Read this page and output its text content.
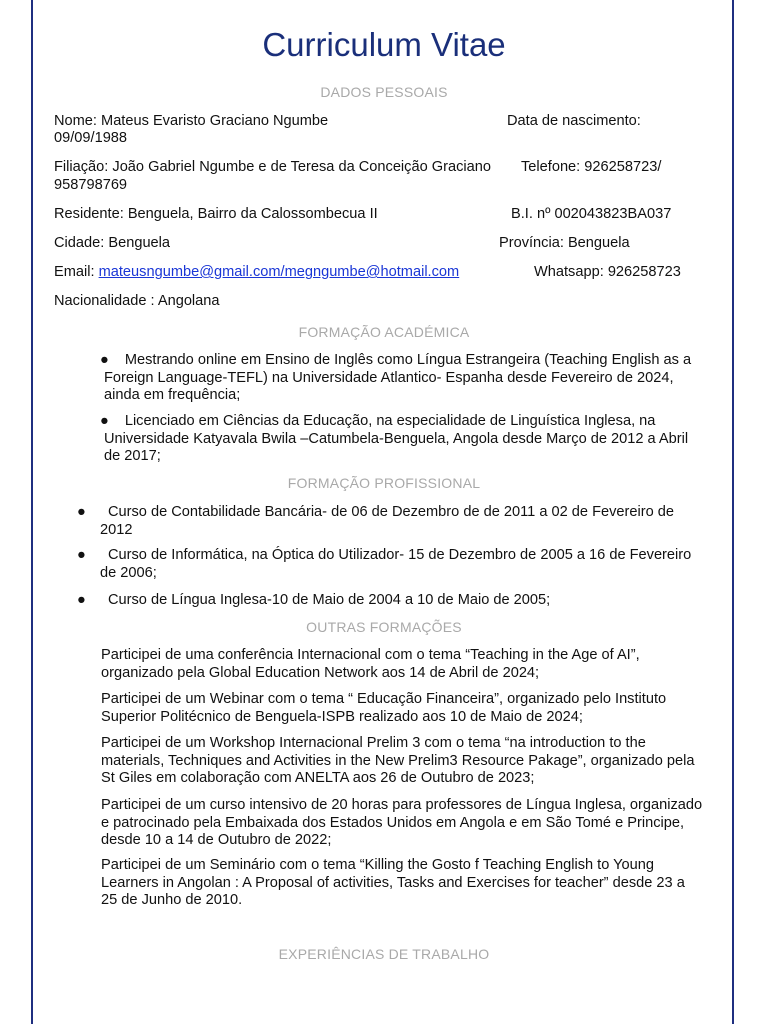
Curriculum Vitae
DADOS PESSOAIS
Nome: Mateus Evaristo Graciano Ngumbe	Data de nascimento:
09/09/1988
Filiação: João Gabriel Ngumbe e de Teresa da Conceição Graciano Telefone: 926258723/
958798769
Residente: Benguela, Bairro da Calossombecua II	B.I. nº 002043823BA037
Cidade: Benguela	Província: Benguela
Email: mateusngumbe@gmail.com/megngumbe@hotmail.com	Whatsapp: 926258723
Nacionalidade : Angolana
FORMAÇÃO ACADÉMICA
● Mestrando online em Ensino de Inglês como Língua Estrangeira (Teaching English as a Foreign Language-TEFL) na Universidade Atlantico- Espanha desde Fevereiro de 2024, ainda em frequência;
● Licenciado em Ciências da Educação, na especialidade de Linguística Inglesa, na Universidade Katyavala Bwila –Catumbela-Benguela, Angola desde Março de 2012 a Abril de 2017;
FORMAÇÃO PROFISSIONAL
● Curso de Contabilidade Bancária- de 06 de Dezembro de de 2011 a 02 de Fevereiro de 2012
● Curso de Informática, na Óptica do Utilizador- 15 de Dezembro de 2005 a 16 de Fevereiro de 2006;
● Curso de Língua Inglesa-10 de Maio de 2004 a 10 de Maio de 2005;
OUTRAS FORMAÇÕES
Participei de uma conferência Internacional com o tema “Teaching in the Age of AI”, organizado pela Global Education Network aos 14 de Abril de 2024;
Participei de um Webinar com o tema “ Educação Financeira”, organizado pelo Instituto Superior Politécnico de Benguela-ISPB realizado aos 10 de Maio de 2024;
Participei de um Workshop Internacional Prelim 3 com o tema “na introduction to the materials, Techniques and Activities in the New Prelim3 Resource Pakage”, organizado pela St Giles em colaboração com ANELTA aos 26 de Outubro de 2023;
Participei de um curso intensivo de 20 horas para professores de Língua Inglesa, organizado e patrocinado pela Embaixada dos Estados Unidos em Angola e em São Tomé e Principe, desde 10 a 14 de Outubro de 2022;
Participei de um Seminário com o tema “Killing the Gosto f Teaching English to Young Learners in Angolan : A Proposal of activities, Tasks and Exercises for teacher” desde 23 a 25 de Junho de 2010.
EXPERIÊNCIAS DE TRABALHO
